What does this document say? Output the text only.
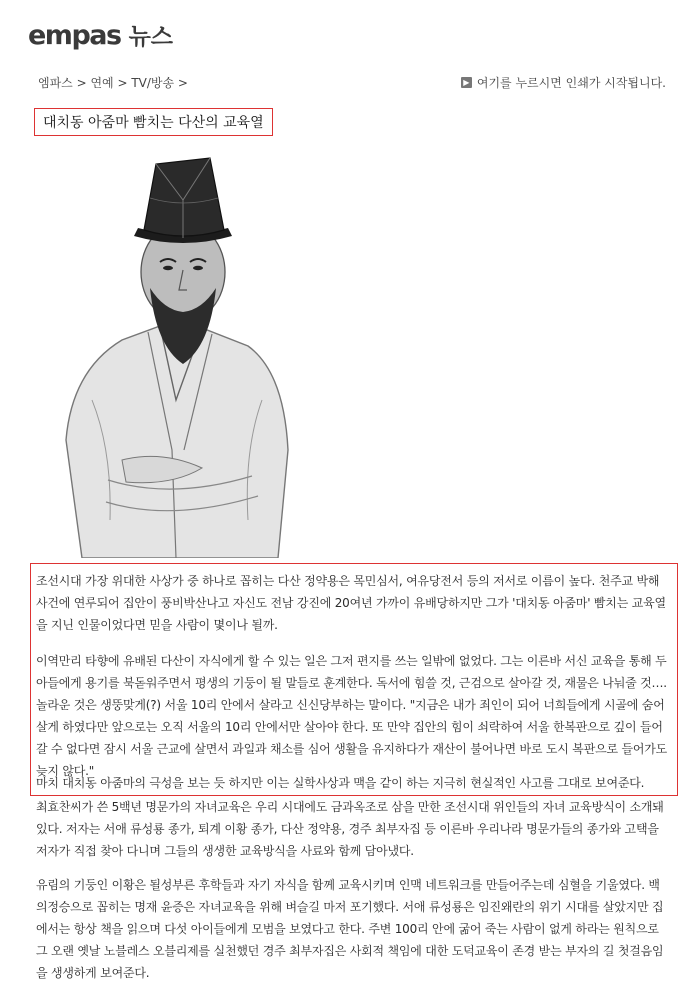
empas 뉴스
엠파스 > 연예 > TV/방송 >	▶ 여기를 누르시면 인쇄가 시작됩니다.
대치동 아줌마 빰치는 다산의 교육열
조선시대 가장 위대한 사상가 중 하나로 꼽히는 다산 정약용은 목민심서, 여유당전서 등의 저서로 이름이 높다. 천주교 박해사건에 연루되어 집안이 풍비박산나고 자신도 전남 강진에 20여년 가까이 유배당하지만 그가 '대치동 아줌마' 빰치는 교육열을 지닌 인물이었다면 믿을 사람이 몇이나 될까.
이역만리 타향에 유배된 다산이 자식에게 할 수 있는 일은 그저 편지를 쓰는 일밖에 없었다. 그는 이른바 서신 교육을 통해 두 아들에게 용기를 북돋워주면서 평생의 기둥이 될 말들로 훈계한다. 독서에 힘쓸 것, 근검으로 살아갈 것, 재물은 나눠줄 것…. 놀라운 것은 생뚱맞게(?) 서울 10리 안에서 살라고 신신당부하는 말이다. "지금은 내가 죄인이 되어 너희들에게 시골에 숨어 살게 하였다만 앞으로는 오직 서울의 10리 안에서만 살아야 한다. 또 만약 집안의 힘이 쇠락하여 서울 한복판으로 깊이 들어갈 수 없다면 잠시 서울 근교에 살면서 과일과 채소를 심어 생활을 유지하다가 재산이 불어나면 바로 도시 복판으로 들어가도 늦지 않다."
마치 대치동 아줌마의 극성을 보는 듯 하지만 이는 실학사상과 맥을 같이 하는 지극히 현실적인 사고를 그대로 보여준다.
최효찬씨가 쓴 5백년 명문가의 자녀교육은 우리 시대에도 금과옥조로 삼을 만한 조선시대 위인들의 자녀 교육방식이 소개돼 있다. 저자는 서애 류성룡 종가, 퇴계 이황 종가, 다산 정약용, 경주 최부자집 등 이른바 우리나라 명문가들의 종가와 고택을 저자가 직접 찾아 다니며 그들의 생생한 교육방식을 사료와 함께 담아냈다.
유림의 기둥인 이황은 될성부른 후학들과 자기 자식을 함께 교육시키며 인맥 네트워크를 만들어주는데 심혈을 기울였다. 백의정승으로 꼽히는 명재 윤증은 자녀교육을 위해 벼슬길 마저 포기했다. 서애 류성룡은 임진왜란의 위기 시대를 살았지만 집에서는 항상 책을 읽으며 다섯 아이들에게 모범을 보였다고 한다. 주변 100리 안에 굶어 죽는 사람이 없게 하라는 원칙으로 그 오랜 옛날 노블레스 오블리제를 실천했던 경주 최부자집은 사회적 책임에 대한 도덕교육이 존경 받는 부자의 길 첫걸음임을 생생하게 보여준다.
